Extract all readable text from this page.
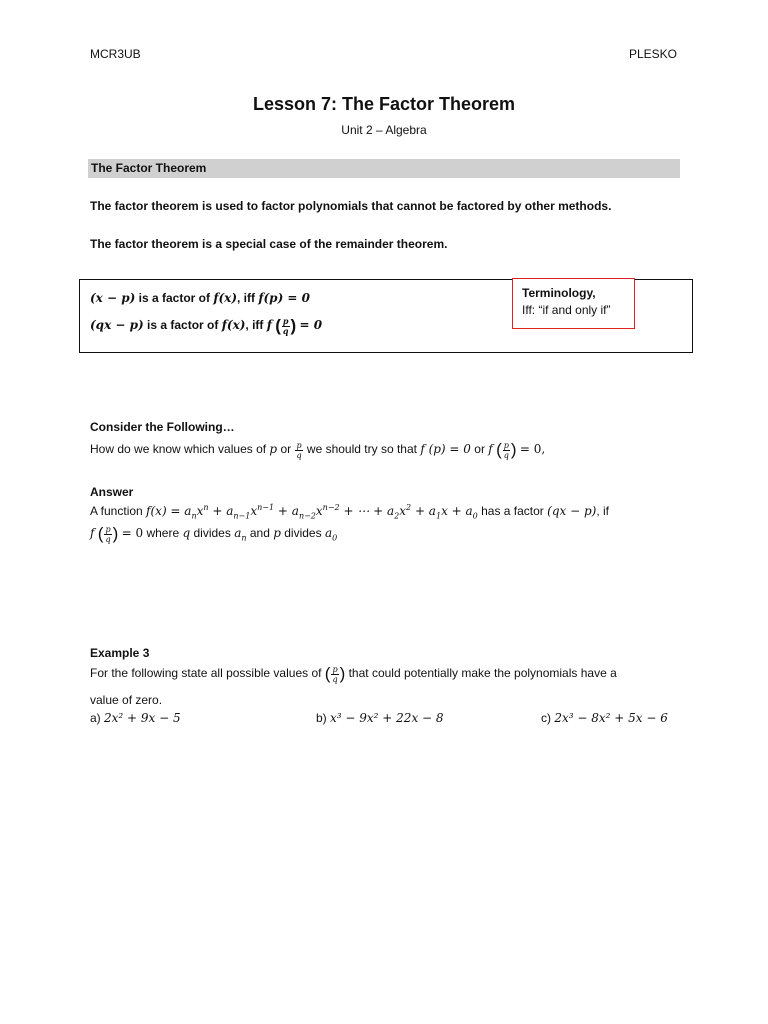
MCR3UB	PLESKO
Lesson 7: The Factor Theorem
Unit 2 – Algebra
The Factor Theorem
The factor theorem is used to factor polynomials that cannot be factored by other methods.
The factor theorem is a special case of the remainder theorem.
(x − p) is a factor of f(x), iff f(p) = 0
(qx − p) is a factor of f(x), iff f ( $\frac{p}{q}$ ) = 0
Terminology,
Iff: “if and only if”
Consider the Following…
How do we know which values of p or $\frac{p}{q}$ we should try so that f (p) = 0 or f ( $\frac{p}{q}$ ) = 0,
Answer
A function $f(x) = a_nx^n + a_{n-1}x^{n-1} + a_{n-2}x^{n-2}$ + ⋯ + $a_2x^2 + a_1x + a_0$ has a factor (qx − p), if
f ( $\frac{p}{q}$ ) = 0 where q divides $a_n$ and p divides $a_0$
Example 3
For the following state all possible values of ( $\frac{p}{q}$ ) that could potentially make the polynomials have a
value of zero.
a) 2x² + 9x − 5	b) x³ − 9x² + 22x − 8	c) 2x³ − 8x² + 5x − 6
